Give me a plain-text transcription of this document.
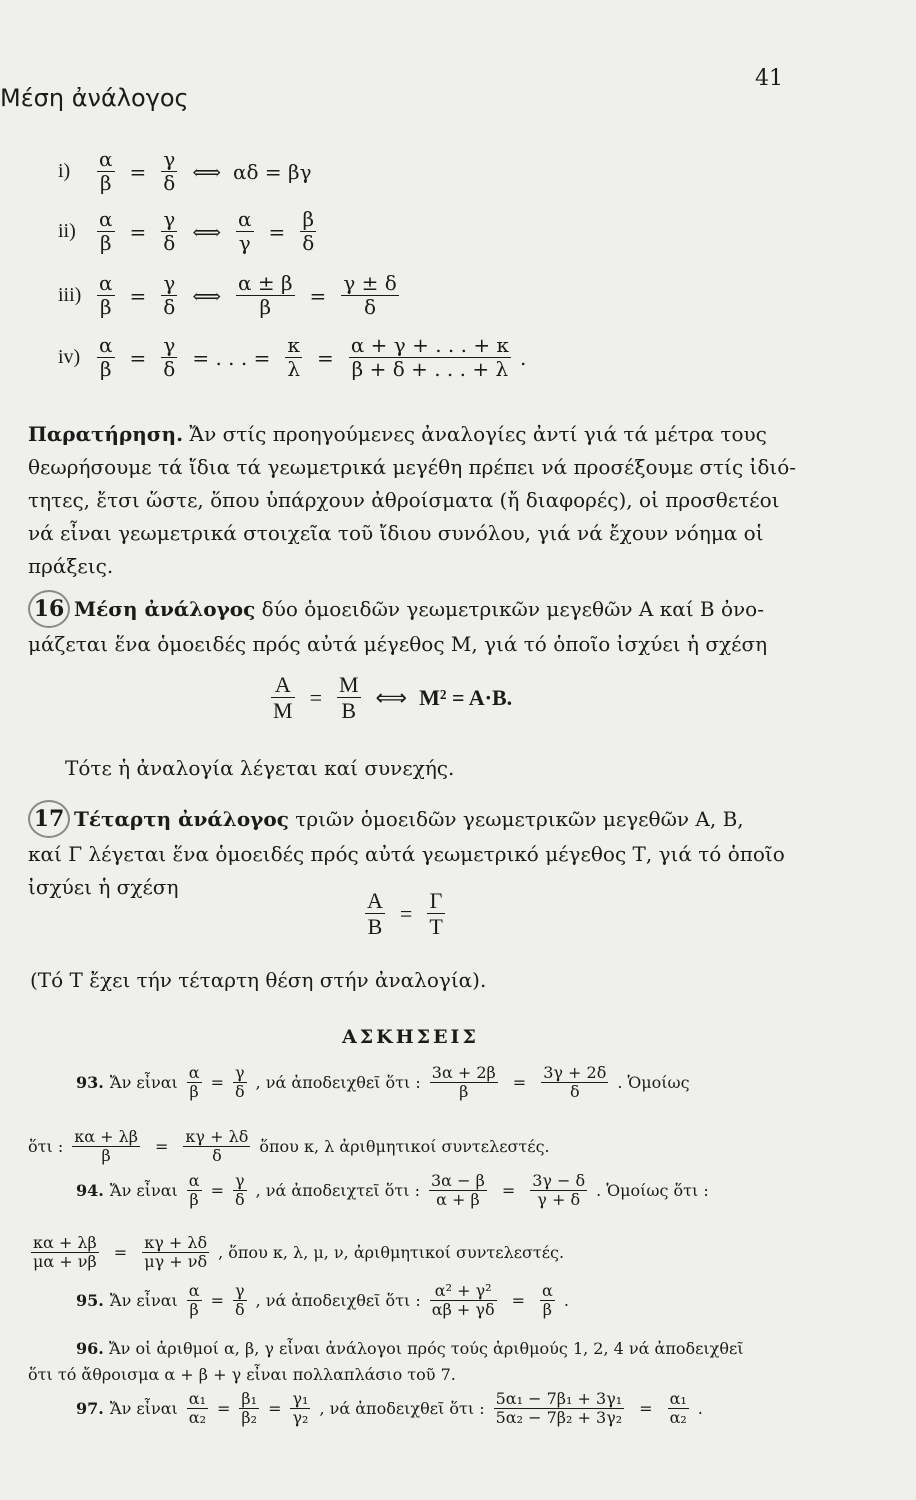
Μέση ἀνάλογος
41
i)	$\frac{\alpha}{\beta} = \frac{\gamma}{\delta}$ ⟺ αδ = βγ
ii)	$\frac{\alpha}{\beta} = \frac{\gamma}{\delta}$ ⟺ $\frac{\alpha}{\gamma} = \frac{\beta}{\delta}$
$iii) \frac{\alpha}{\beta} = \frac{\gamma}{\delta}$ ⟺ $\frac{\alpha \pm \beta}{\beta} = \frac{\gamma \pm \delta}{\delta}$
$iv) \frac{\alpha}{\beta} = \frac{\gamma}{\delta}$ = . . . = $\frac{\kappa}{\lambda} = \frac{\alpha + \gamma + . . . + \kappa}{\beta + \delta + . . . + \lambda}$ .
Παρατήρηση. Ἄν στίς προηγούμενες ἀναλογίες ἀντί γιά τά μέτρα τους
θεωρήσουμε τά ἴδια τά γεωμετρικά μεγέθη πρέπει νά προσέξουμε στίς ἰδιό-
τητες, ἔτσι ὥστε, ὅπου ὑπάρχουν ἀθροίσματα (ἤ διαφορές), οἱ προσθετέοι
νά εἶναι γεωμετρικά στοιχεῖα τοῦ ἴδιου συνόλου, γιά νά ἔχουν νόημα οἱ
πράξεις.
16 Μέση ἀνάλογος δύο ὁμοειδῶν γεωμετρικῶν μεγεθῶν Α καί Β ὀνο-
μάζεται ἕνα ὁμοειδές πρός αὐτά μέγεθος Μ, γιά τό ὁποῖο ἰσχύει ἡ σχέση
$\frac{A}{M} = \frac{M}{B}$ ⟺ M² = A·B.
Τότε ἡ ἀναλογία λέγεται καί συνεχής.
17 Τέταρτη ἀνάλογος τριῶν ὁμοειδῶν γεωμετρικῶν μεγεθῶν Α, Β,
καί Γ λέγεται ἕνα ὁμοειδές πρός αὐτά γεωμετρικό μέγεθος Τ, γιά τό ὁποῖο
ἰσχύει ἡ σχέση
$\frac{A}{B} = \frac{\Gamma}{T}$
(Τό Τ ἔχει τήν τέταρτη θέση στήν ἀναλογία).
ΑΣΚΗΣΕΙΣ
93. Ἄν εἶναι $\frac{\alpha}{\beta} = \frac{\gamma}{\delta}$ , νά ἀποδειχθεῖ ὅτι : $\frac{3\alpha + 2\beta}{\beta} = \frac{3\gamma + 2\delta}{\delta}$ . Ὁμοίως
ὅτι : $\frac{\kappa\alpha + \lambda\beta}{\beta} = \frac{\kappa\gamma + \lambda\delta}{\delta}$ ὅπου κ, λ ἀριθμητικοί συντελεστές.
94. Ἄν εἶναι $\frac{\alpha}{\beta} = \frac{\gamma}{\delta}$ , νά ἀποδειχτεῖ ὅτι : $\frac{3\alpha - \beta}{\alpha + \beta} = \frac{3\gamma - \delta}{\gamma + \delta}$ . Ὁμοίως ὅτι :
$\frac{\kappa\alpha + \lambda\beta}{\mu\alpha + \nu\beta} = \frac{\kappa\gamma + \lambda\delta}{\mu\gamma + \nu\delta}$ , ὅπου κ, λ, μ, ν, ἀριθμητικοί συντελεστές.
95. Ἄν εἶναι $\frac{\alpha}{\beta} = \frac{\gamma}{\delta}$ , νά ἀποδειχθεῖ ὅτι : $\frac{\text{α² + γ²}}{\alpha\beta + \gamma\delta} = \frac{\alpha}{\beta}$ .
96. Ἄν οἱ ἀριθμοί α, β, γ εἶναι ἀνάλογοι πρός τούς ἀριθμούς 1, 2, 4 νά ἀποδειχθεῖ
ὅτι τό ἄθροισμα α + β + γ εἶναι πολλαπλάσιο τοῦ 7.
97. Ἄν εἶναι $\frac{\text{α₁}}{\text{α₂}} = \frac{\text{β₁}}{\text{β₂}} = \frac{\text{γ₁}}{\text{γ₂}}$ , νά ἀποδειχθεῖ ὅτι : $\frac{\text{5α₁ − 7β₁ + 3γ₁}}{\text{5α₂ − 7β₂ + 3γ₂}} = \frac{\text{α₁}}{\text{α₂}}$ .
